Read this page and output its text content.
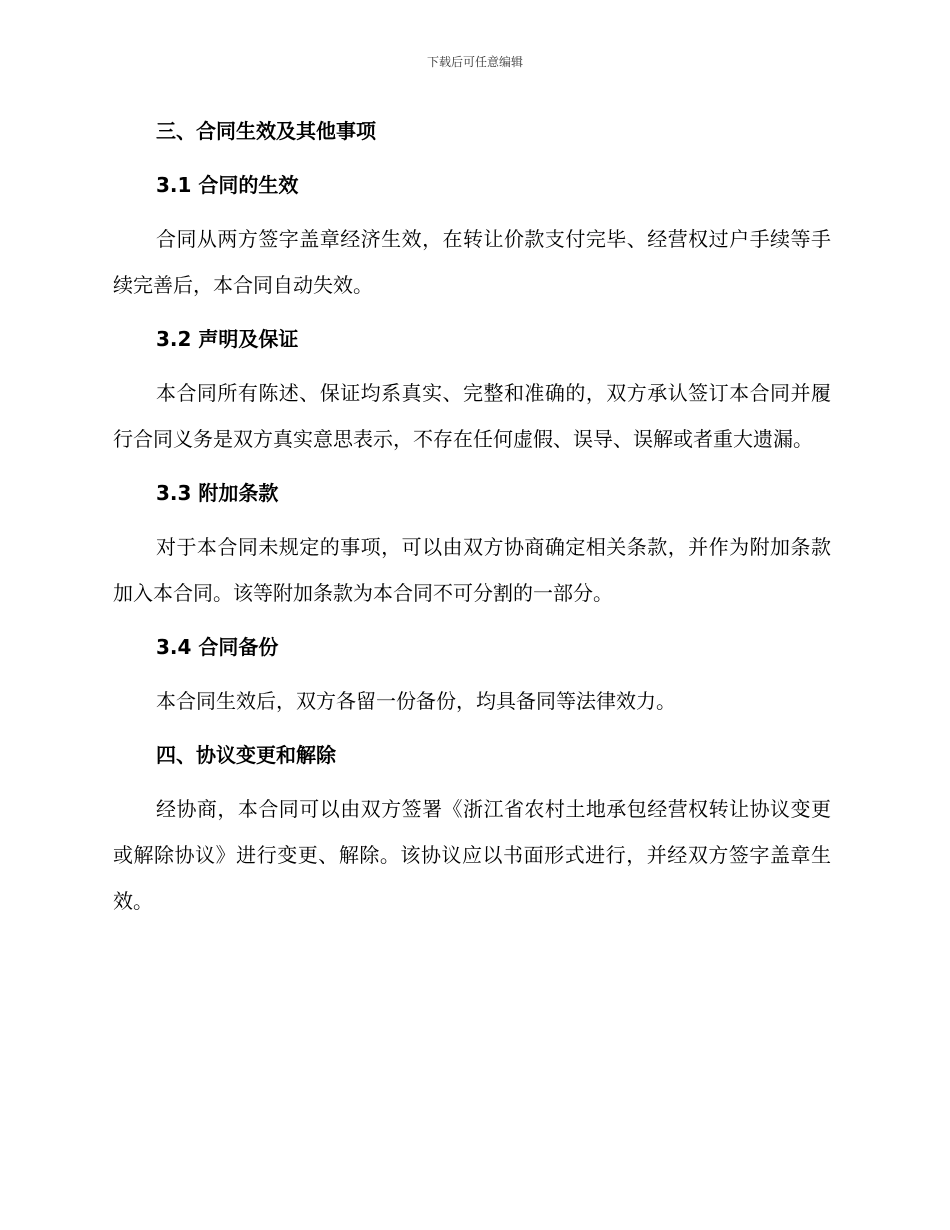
下载后可任意编辑
三、合同生效及其他事项
3.1 合同的生效

合同从两方签字盖章经济生效，在转让价款支付完毕、经营权过户手续等手续完善后，本合同自动失效。

3.2 声明及保证

本合同所有陈述、保证均系真实、完整和准确的，双方承认签订本合同并履行合同义务是双方真实意思表示，不存在任何虚假、误导、误解或者重大遗漏。

3.3 附加条款

对于本合同未规定的事项，可以由双方协商确定相关条款，并作为附加条款加入本合同。该等附加条款为本合同不可分割的一部分。

3.4 合同备份

本合同生效后，双方各留一份备份，均具备同等法律效力。

四、协议变更和解除

经协商，本合同可以由双方签署《浙江省农村土地承包经营权转让协议变更或解除协议》进行变更、解除。该协议应以书面形式进行，并经双方签字盖章生效。
